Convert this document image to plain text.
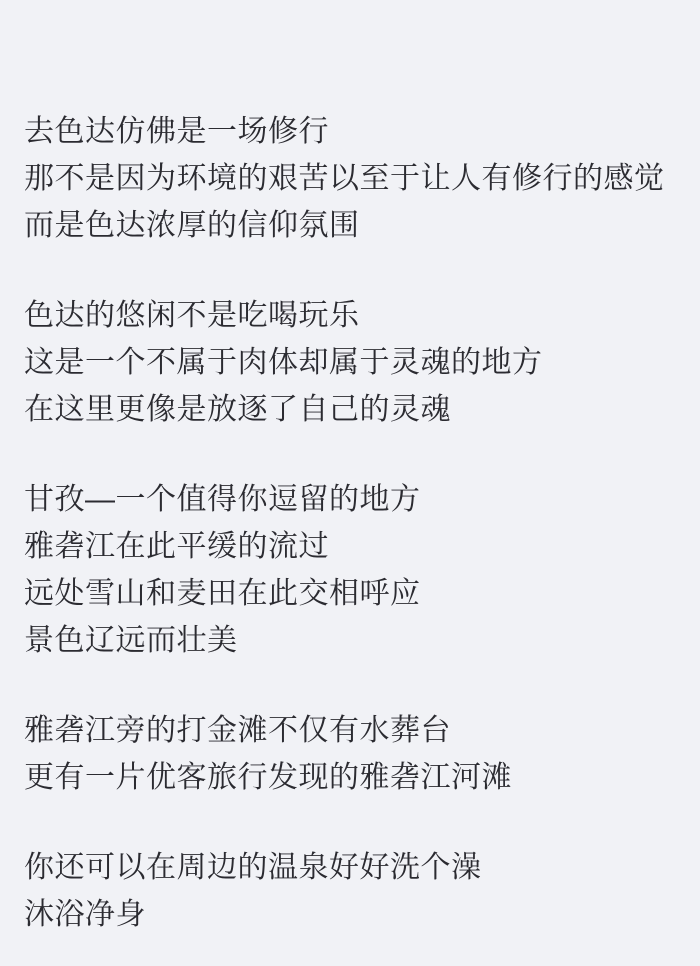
去色达仿佛是一场修行
那不是因为环境的艰苦以至于让人有修行的感觉
而是色达浓厚的信仰氛围
色达的悠闲不是吃喝玩乐
这是一个不属于肉体却属于灵魂的地方
在这里更像是放逐了自己的灵魂
甘孜—一个值得你逗留的地方
雅砻江在此平缓的流过
远处雪山和麦田在此交相呼应
景色辽远而壮美
雅砻江旁的打金滩不仅有水葬台
更有一片优客旅行发现的雅砻江河滩
你还可以在周边的温泉好好洗个澡
沐浴净身
